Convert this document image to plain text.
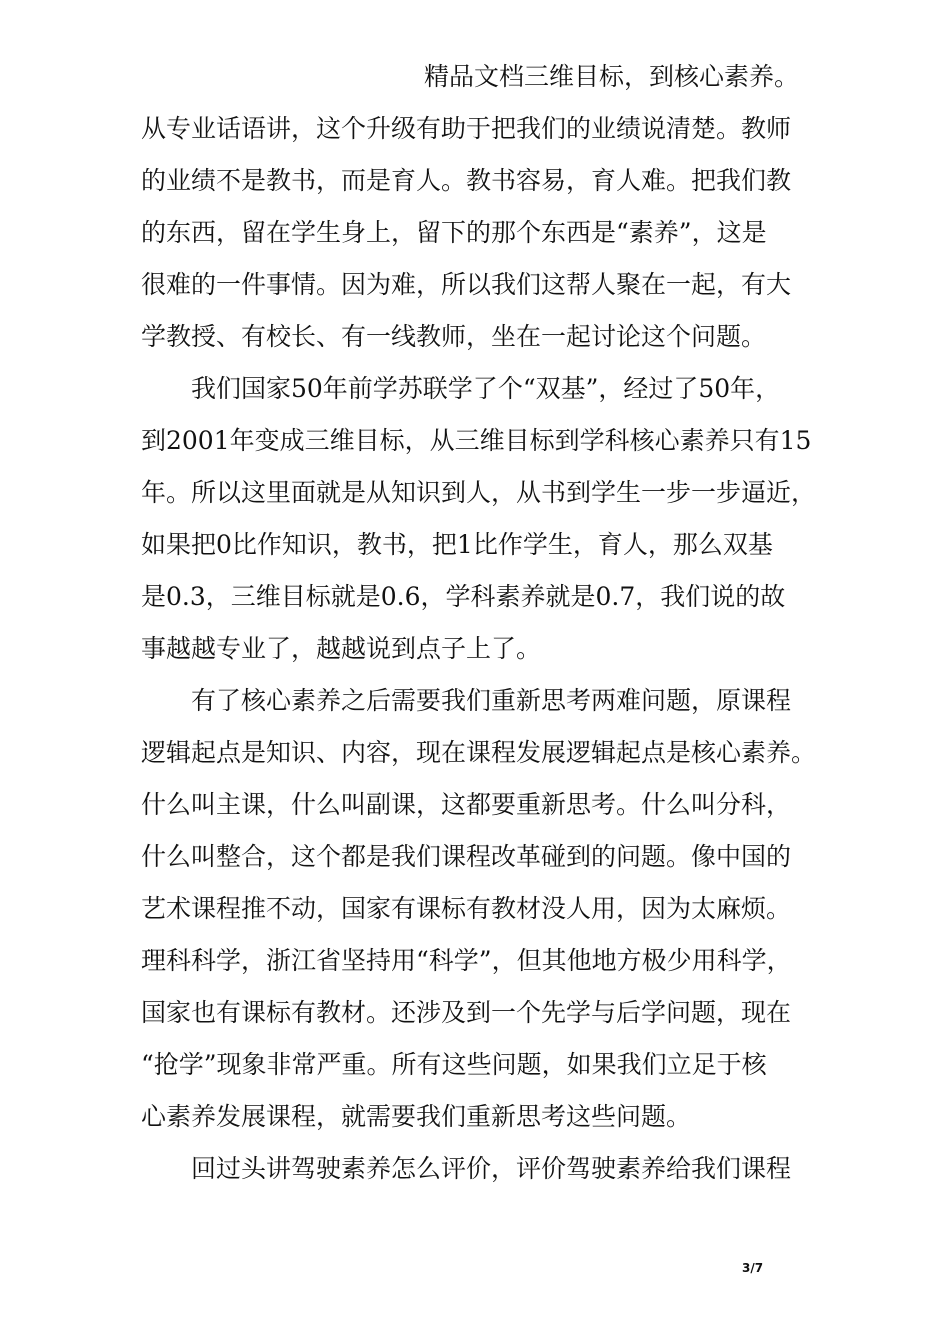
精品文档三维目标，到核心素养。
从专业话语讲，这个升级有助于把我们的业绩说清楚。教师
的业绩不是教书，而是育人。教书容易，育人难。把我们教
的东西，留在学生身上，留下的那个东西是“素养”，这是
很难的一件事情。因为难，所以我们这帮人聚在一起，有大
学教授、有校长、有一线教师，坐在一起讨论这个问题。
我们国家50年前学苏联学了个“双基”，经过了50年，
到2001年变成三维目标，从三维目标到学科核心素养只有15
年。所以这里面就是从知识到人，从书到学生一步一步逼近，
如果把0比作知识，教书，把1比作学生，育人，那么双基
是0.3，三维目标就是0.6，学科素养就是0.7，我们说的故
事越越专业了，越越说到点子上了。
有了核心素养之后需要我们重新思考两难问题，原课程
逻辑起点是知识、内容，现在课程发展逻辑起点是核心素养。
什么叫主课，什么叫副课，这都要重新思考。什么叫分科，
什么叫整合，这个都是我们课程改革碰到的问题。像中国的
艺术课程推不动，国家有课标有教材没人用，因为太麻烦。
理科科学，浙江省坚持用“科学”，但其他地方极少用科学，
国家也有课标有教材。还涉及到一个先学与后学问题，现在
“抢学”现象非常严重。所有这些问题，如果我们立足于核
心素养发展课程，就需要我们重新思考这些问题。
回过头讲驾驶素养怎么评价，评价驾驶素养给我们课程
3/7
